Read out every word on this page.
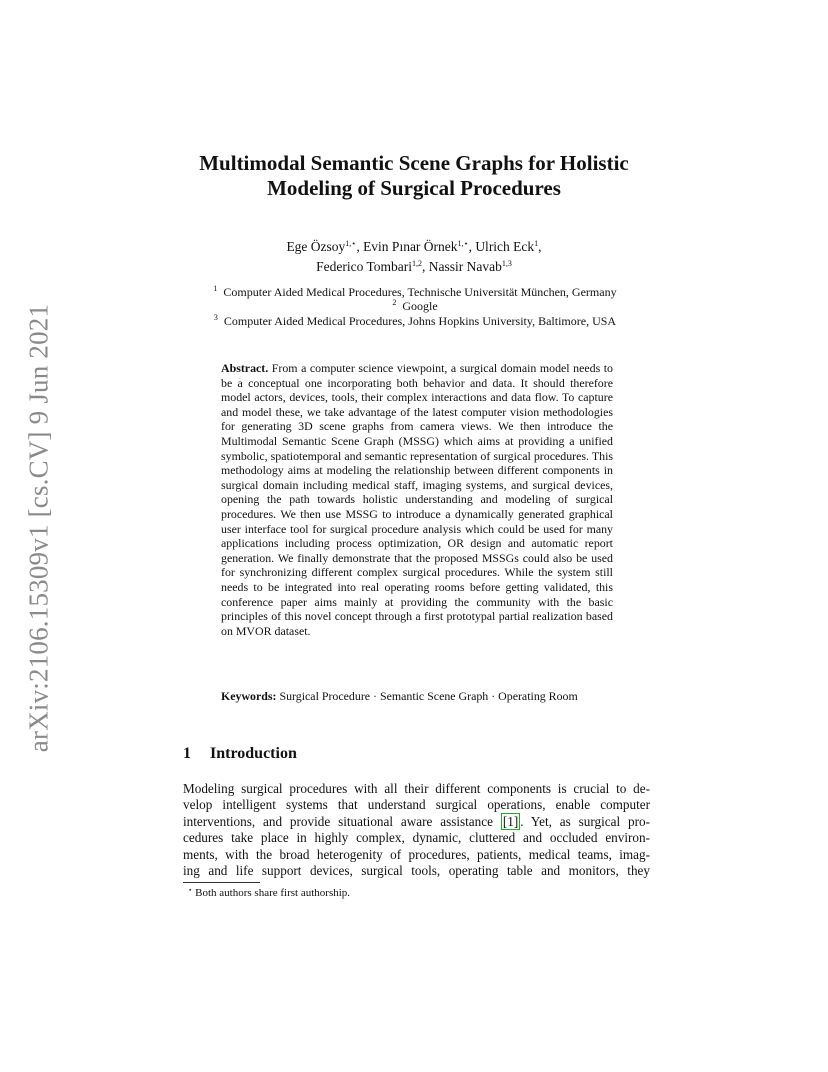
arXiv:2106.15309v1 [cs.CV] 9 Jun 2021
Multimodal Semantic Scene Graphs for Holistic
Modeling of Surgical Procedures
Ege Özsoy$^{1,⋆}$, Evin Pınar Örnek$^{1,⋆}$, Ulrich Eck$^1$,
Federico Tombari$^{1,2}$, Nassir Navab$^{1,3}$
$^1$ Computer Aided Medical Procedures, Technische Universität München, Germany
$^2$ Google
$^3$ Computer Aided Medical Procedures, Johns Hopkins University, Baltimore, USA
Abstract. From a computer science viewpoint, a surgical domain model needs to be a conceptual one incorporating both behavior and data. It should therefore model actors, devices, tools, their complex interactions and data flow. To capture and model these, we take advantage of the latest computer vision methodologies for generating 3D scene graphs from camera views. We then introduce the Multimodal Semantic Scene Graph (MSSG) which aims at providing a unified symbolic, spatiotemporal and semantic representation of surgical procedures. This methodology aims at modeling the relationship between different components in surgical domain including medical staff, imaging systems, and surgical devices, opening the path towards holistic understanding and modeling of surgical procedures. We then use MSSG to introduce a dynamically generated graphical user interface tool for surgical procedure analysis which could be used for many applications including process optimization, OR design and automatic report generation. We finally demonstrate that the proposed MSSGs could also be used for synchronizing different complex surgical procedures. While the system still needs to be integrated into real operating rooms before getting validated, this conference paper aims mainly at providing the community with the basic principles of this novel concept through a first prototypal partial realization based on MVOR dataset.
Keywords: Surgical Procedure · Semantic Scene Graph · Operating Room
1 Introduction
Modeling surgical procedures with all their different components is crucial to de-
velop intelligent systems that understand surgical operations, enable computer
interventions, and provide situational aware assistance [1] . Yet, as surgical pro-
cedures take place in highly complex, dynamic, cluttered and occluded environ-
ments, with the broad heterogenity of procedures, patients, medical teams, imag-
ing and life support devices, surgical tools, operating table and monitors, they
⋆ Both authors share first authorship.
